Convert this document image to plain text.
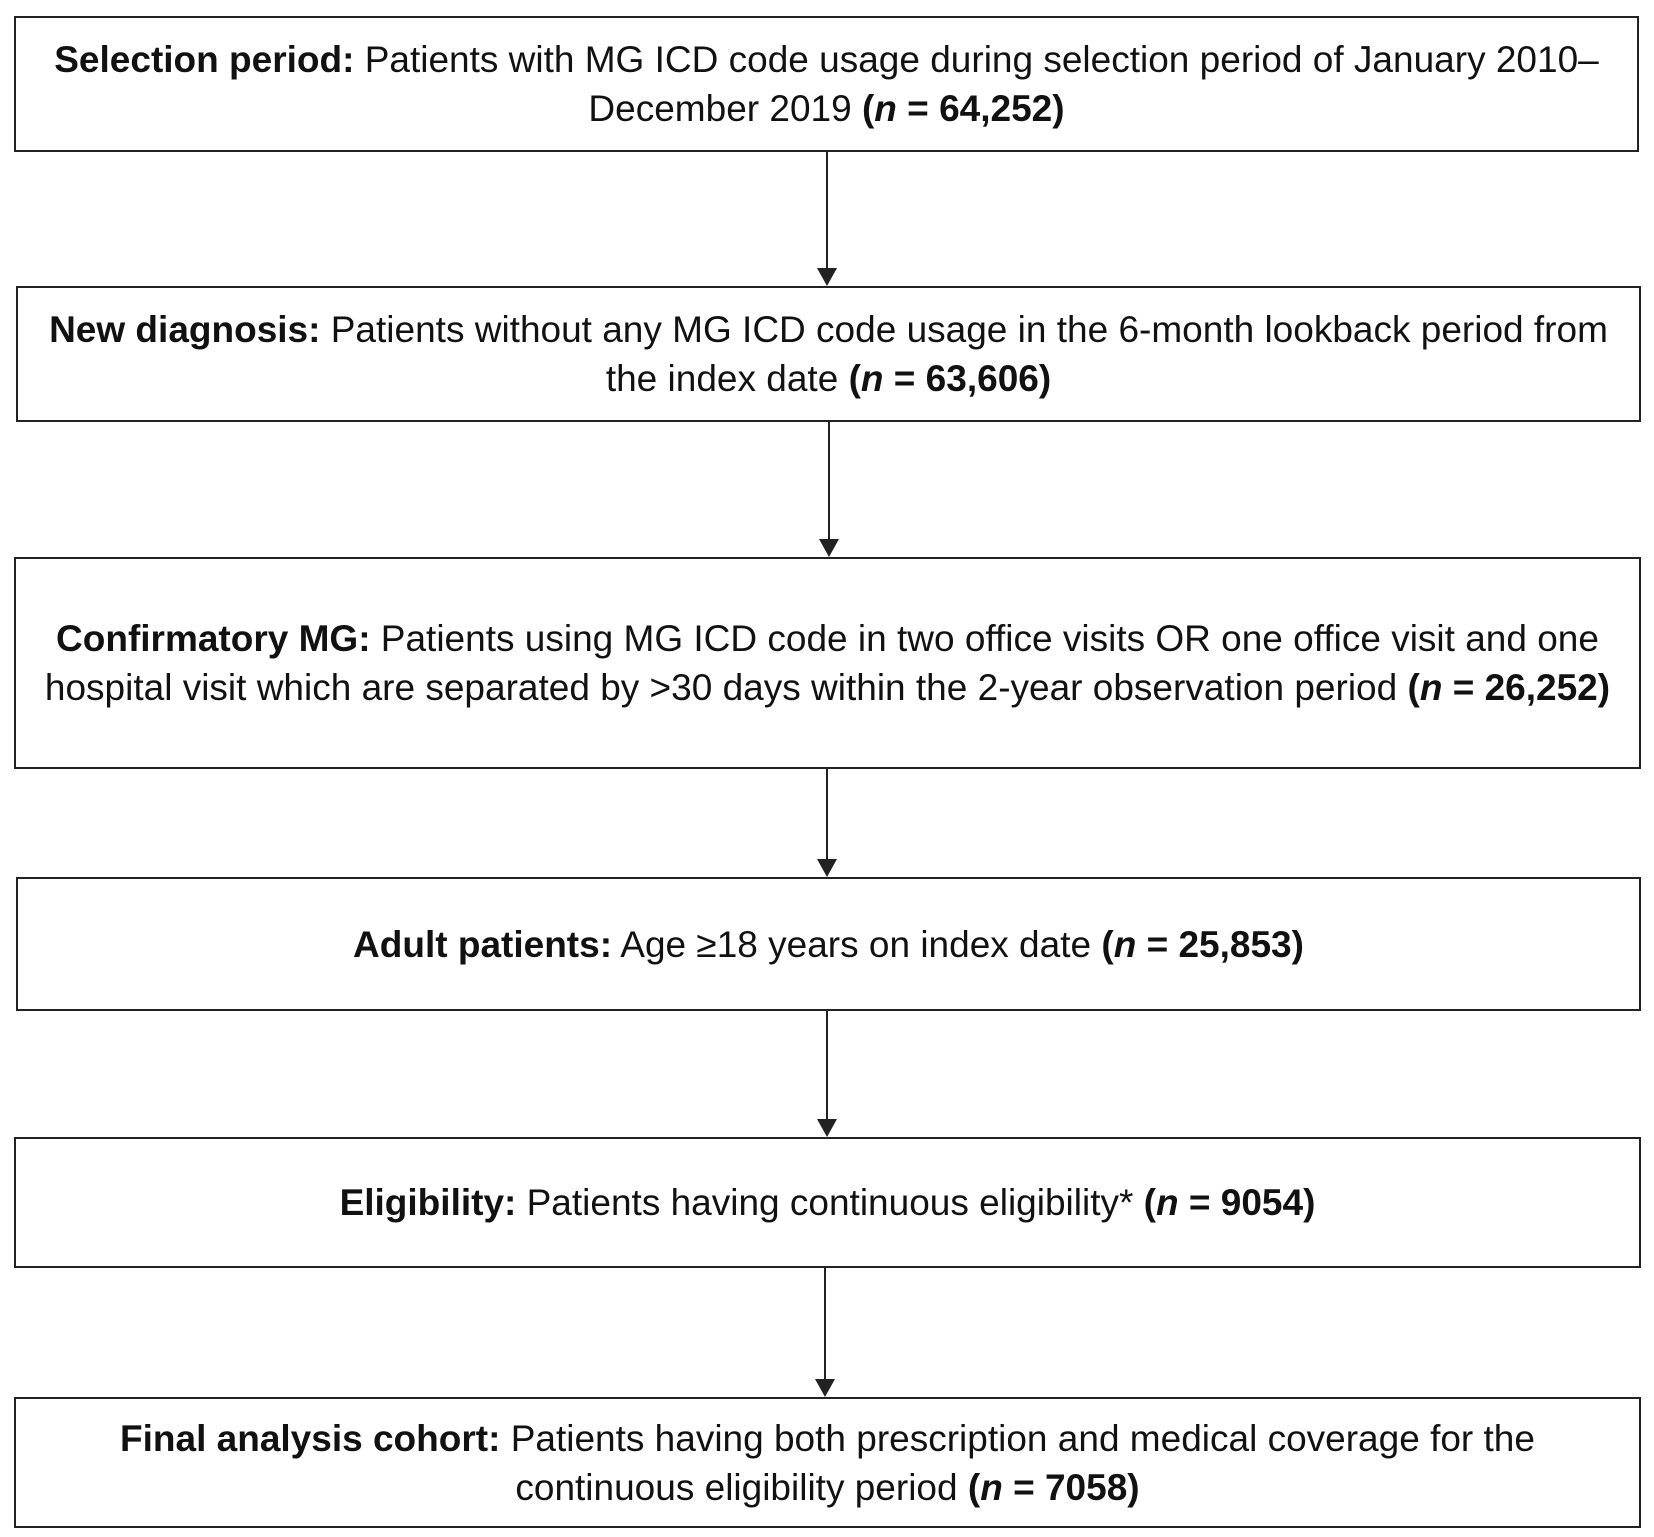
Selection period: Patients with MG ICD code usage during selection period of January 2010–December 2019 (n = 64,252)

New diagnosis: Patients without any MG ICD code usage in the 6-month lookback period from the index date (n = 63,606)

Confirmatory MG: Patients using MG ICD code in two office visits OR one office visit and one hospital visit which are separated by >30 days within the 2-year observation period (n = 26,252)

Adult patients: Age ≥18 years on index date (n = 25,853)

Eligibility: Patients having continuous eligibility* (n = 9054)

Final analysis cohort: Patients having both prescription and medical coverage for the continuous eligibility period (n = 7058)
